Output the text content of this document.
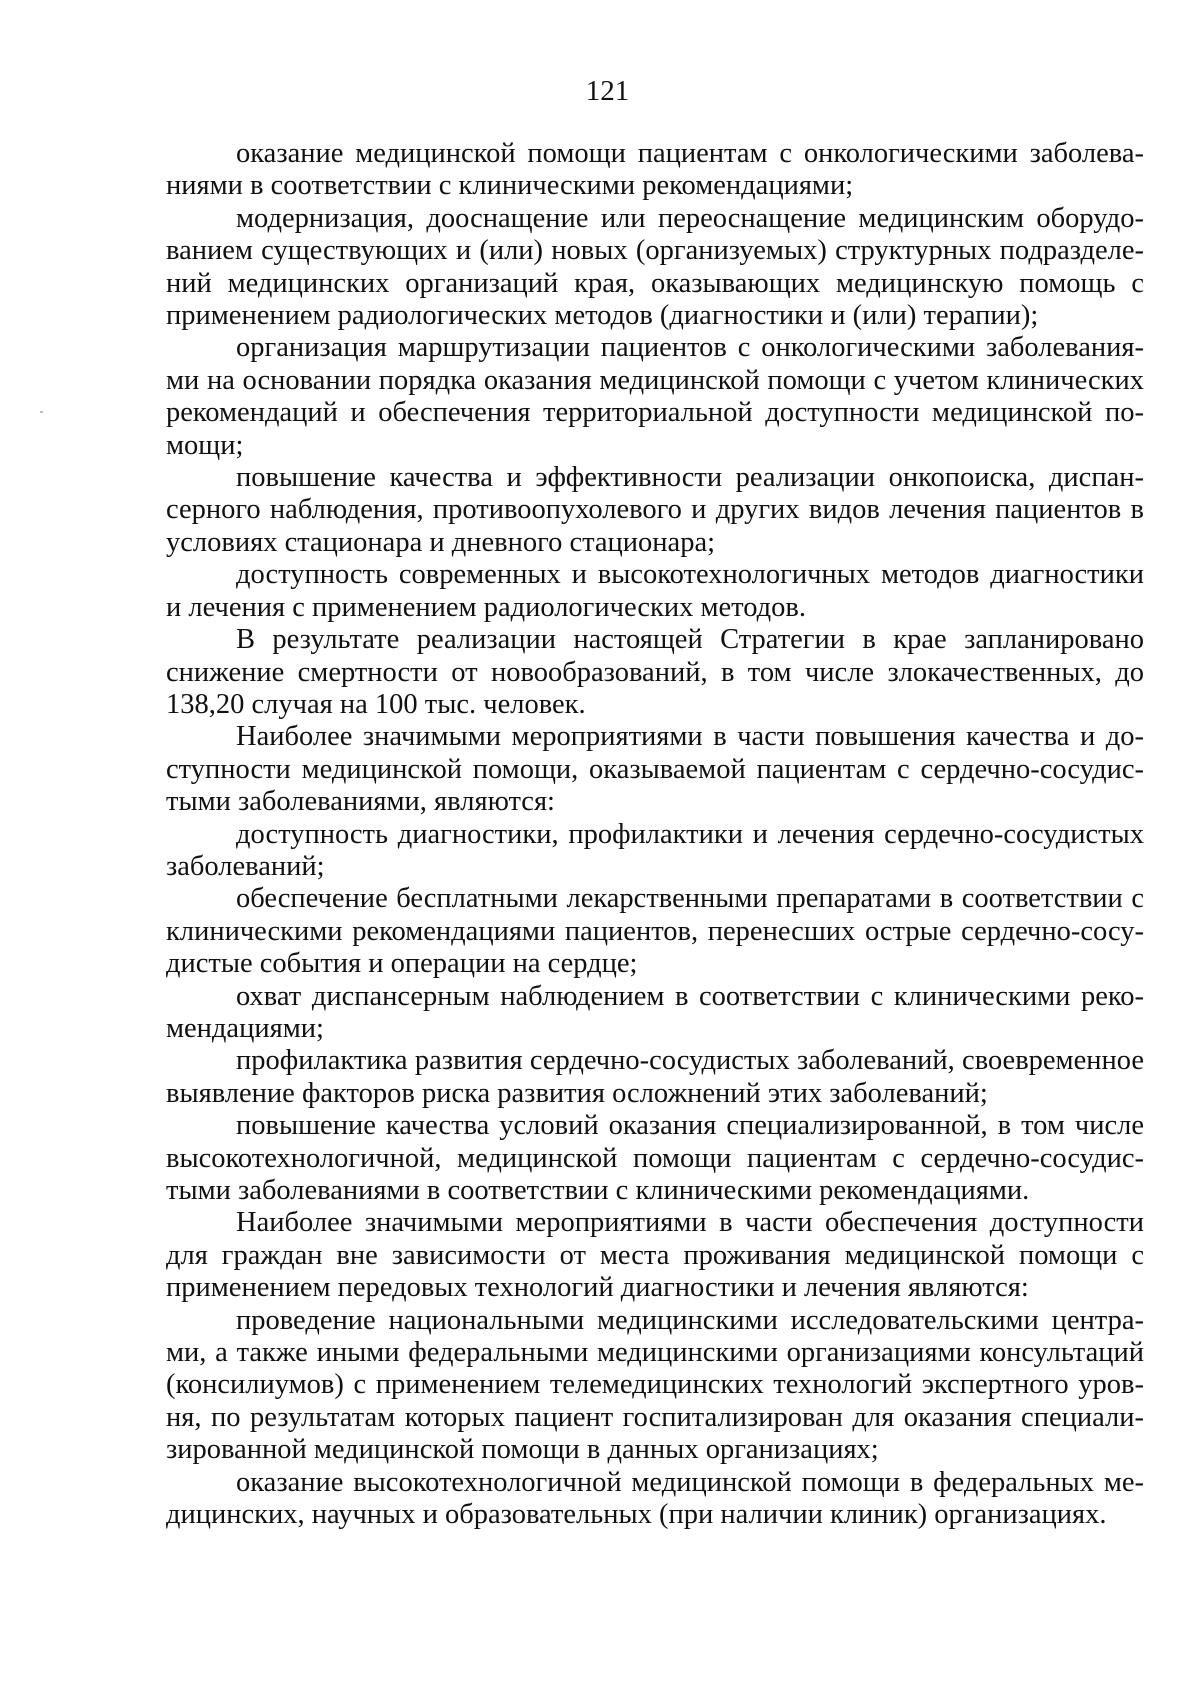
121

оказание медицинской помощи пациентам с онкологическими заболеваниями в соответствии с клиническими рекомендациями;

модернизация, дооснащение или переоснащение медицинским оборудованием существующих и (или) новых (организуемых) структурных подразделений медицинских организаций края, оказывающих медицинскую помощь с применением радиологических методов (диагностики и (или) терапии);

организация маршрутизации пациентов с онкологическими заболеваниями на основании порядка оказания медицинской помощи с учетом клинических рекомендаций и обеспечения территориальной доступности медицинской помощи;

повышение качества и эффективности реализации онкопоиска, диспансерного наблюдения, противоопухолевого и других видов лечения пациентов в условиях стационара и дневного стационара;

доступность современных и высокотехнологичных методов диагностики и лечения с применением радиологических методов.

В результате реализации настоящей Стратегии в крае запланировано снижение смертности от новообразований, в том числе злокачественных, до 138,20 случая на 100 тыс. человек.

Наиболее значимыми мероприятиями в части повышения качества и доступности медицинской помощи, оказываемой пациентам с сердечно-сосудистыми заболеваниями, являются:

доступность диагностики, профилактики и лечения сердечно-сосудистых заболеваний;

обеспечение бесплатными лекарственными препаратами в соответствии с клиническими рекомендациями пациентов, перенесших острые сердечно-сосудистые события и операции на сердце;

охват диспансерным наблюдением в соответствии с клиническими рекомендациями;

профилактика развития сердечно-сосудистых заболеваний, своевременное выявление факторов риска развития осложнений этих заболеваний;

повышение качества условий оказания специализированной, в том числе высокотехнологичной, медицинской помощи пациентам с сердечно-сосудистыми заболеваниями в соответствии с клиническими рекомендациями.

Наиболее значимыми мероприятиями в части обеспечения доступности для граждан вне зависимости от места проживания медицинской помощи с применением передовых технологий диагностики и лечения являются:

проведение национальными медицинскими исследовательскими центрами, а также иными федеральными медицинскими организациями консультаций (консилиумов) с применением телемедицинских технологий экспертного уровня, по результатам которых пациент госпитализирован для оказания специализированной медицинской помощи в данных организациях;

оказание высокотехнологичной медицинской помощи в федеральных медицинских, научных и образовательных (при наличии клиник) организациях.
